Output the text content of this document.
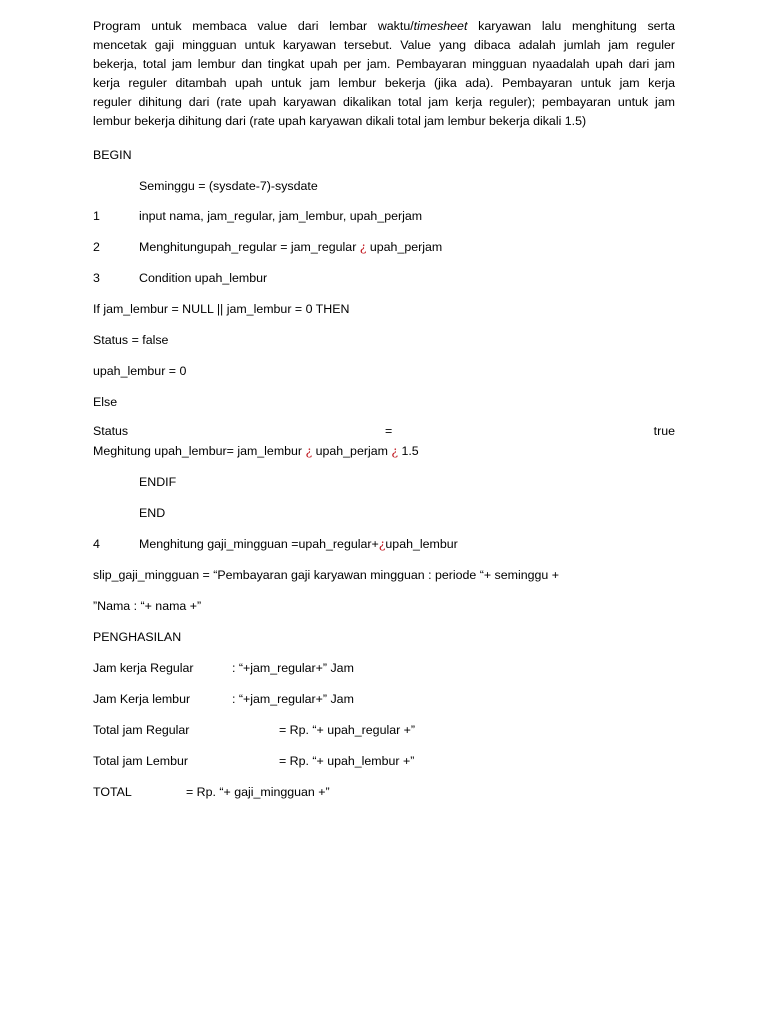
Program untuk membaca value dari lembar waktu/timesheet karyawan lalu menghitung serta
mencetak gaji mingguan untuk karyawan tersebut. Value yang dibaca adalah jumlah jam reguler
bekerja, total jam lembur dan tingkat upah per jam. Pembayaran mingguan nyaadalah upah dari jam
kerja reguler ditambah upah untuk jam lembur bekerja (jika ada). Pembayaran untuk jam kerja
reguler dihitung dari (rate upah karyawan dikalikan total jam kerja reguler); pembayaran untuk jam
lembur bekerja dihitung dari (rate upah karyawan dikali total jam lembur bekerja dikali 1.5)
BEGIN
Seminggu = (sysdate-7)-sysdate
1	input nama, jam_regular, jam_lembur, upah_perjam
2	Menghitungupah_regular = jam_regular ¿ upah_perjam
3	Condition upah_lembur
If jam_lembur = NULL || jam_lembur = 0 THEN
Status = false
upah_lembur = 0
Else
Status	=	true
Meghitung upah_lembur= jam_lembur ¿ upah_perjam ¿ 1.5
ENDIF
END
4	Menghitung gaji_mingguan =upah_regular+¿upah_lembur
slip_gaji_mingguan = “Pembayaran gaji karyawan mingguan : periode “+ seminggu +
”Nama : “+ nama +”
PENGHASILAN
Jam kerja Regular	: “+jam_regular+” Jam
Jam Kerja lembur	: “+jam_regular+” Jam
Total jam Regular	= Rp. “+ upah_regular +”
Total jam Lembur	= Rp. “+ upah_lembur +”
TOTAL	= Rp. “+ gaji_mingguan +”
